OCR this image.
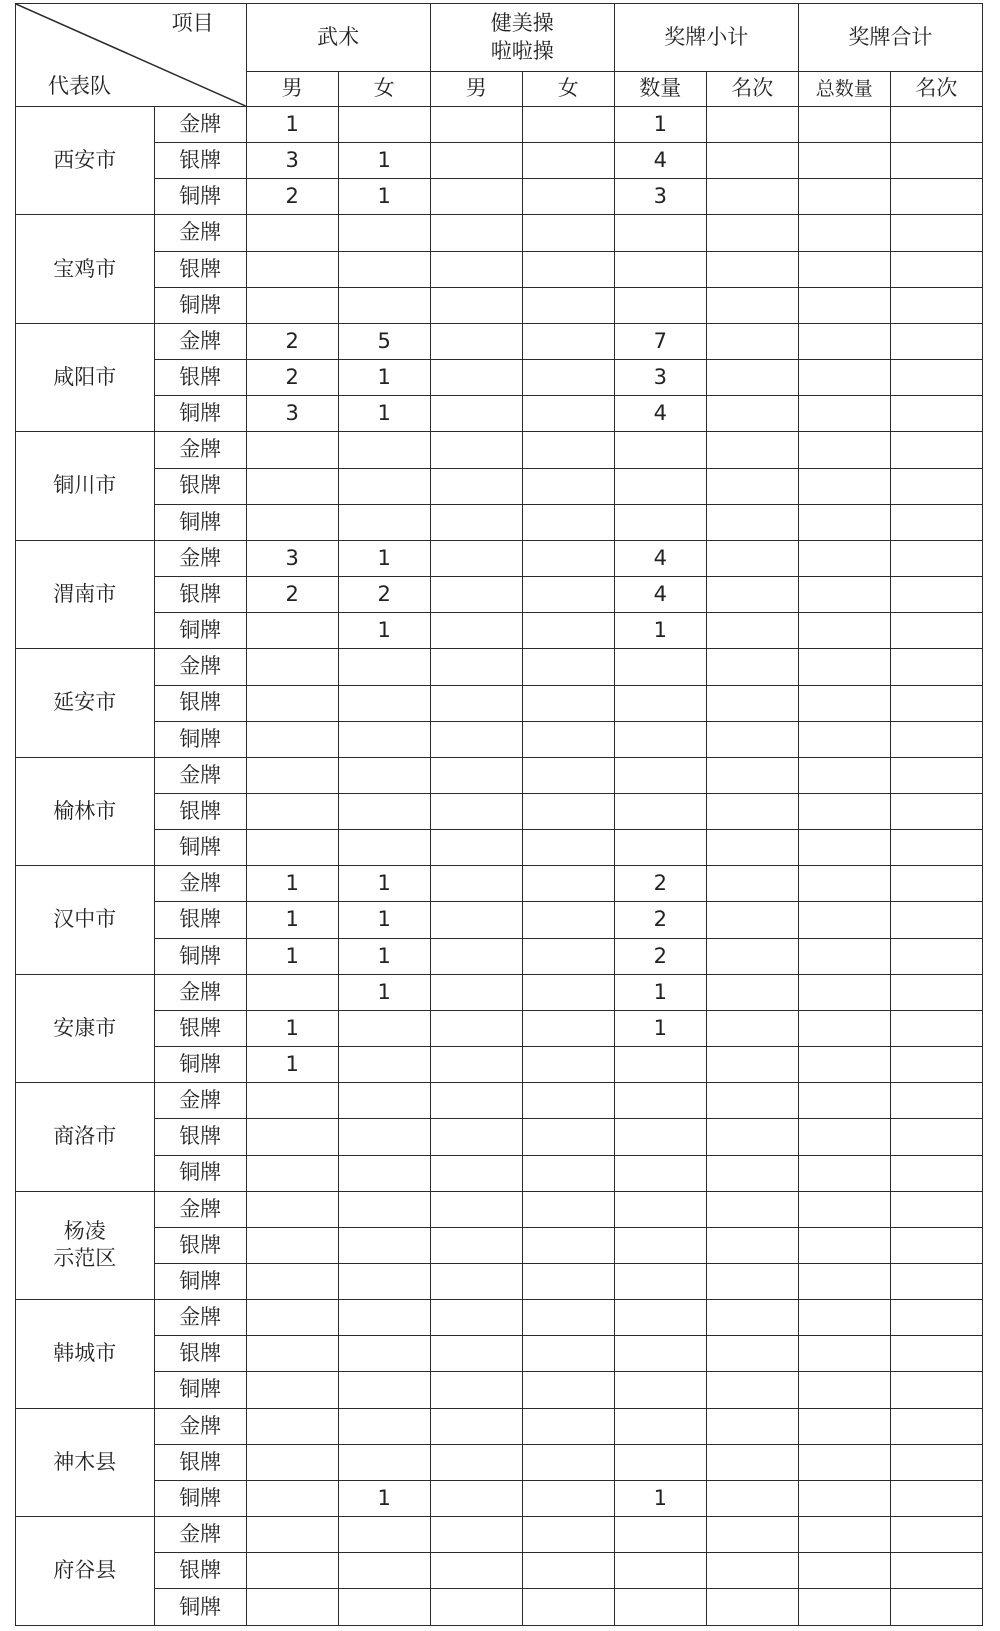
项目
代表队		武术		健美操
啦啦操		奖牌小计		奖牌合计	
		男	女	男	女	数量	名次	总数量	名次
西安市	金牌	1				1			
	银牌	3	1			4			
	铜牌	2	1			3			
宝鸡市	金牌								
	银牌								
	铜牌								
咸阳市	金牌	2	5			7			
	银牌	2	1			3			
	铜牌	3	1			4			
铜川市	金牌								
	银牌								
	铜牌								
渭南市	金牌	3	1			4			
	银牌	2	2			4			
	铜牌		1			1			
延安市	金牌								
	银牌								
	铜牌								
榆林市	金牌								
	银牌								
	铜牌								
汉中市	金牌	1	1			2			
	银牌	1	1			2			
	铜牌	1	1			2			
安康市	金牌		1			1			
	银牌	1				1			
	铜牌	1							
商洛市	金牌								
	银牌								
	铜牌								
杨凌
示范区	金牌								
	银牌								
	铜牌								
韩城市	金牌								
	银牌								
	铜牌								
神木县	金牌								
	银牌								
	铜牌		1			1			
府谷县	金牌								
	银牌								
	铜牌								
